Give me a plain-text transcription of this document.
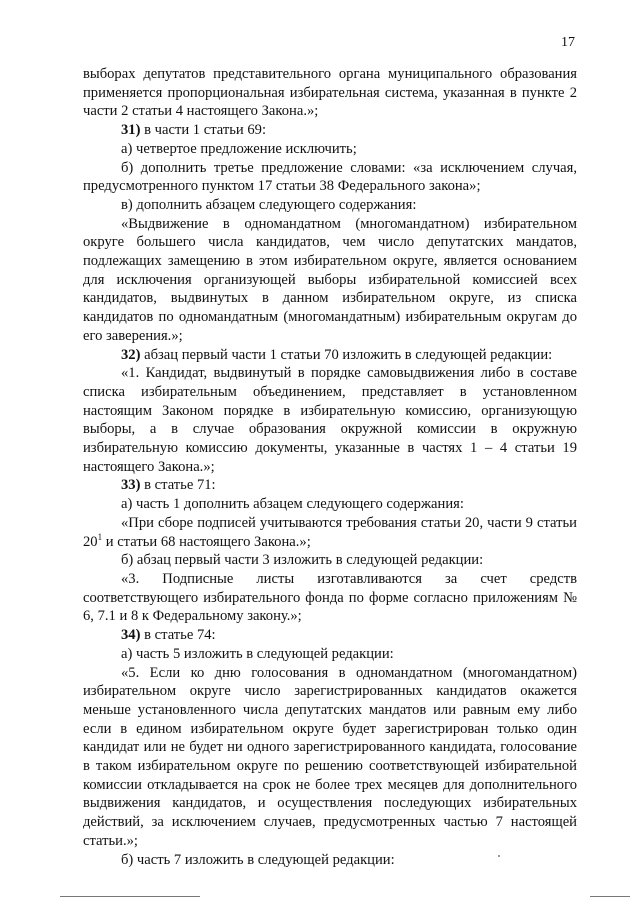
17

выборах депутатов представительного органа муниципального образования применяется пропорциональная избирательная система, указанная в пункте 2 части 2 статьи 4 настоящего Закона.»;

31) в части 1 статьи 69:

а) четвертое предложение исключить;

б) дополнить третье предложение словами: «за исключением случая, предусмотренного пунктом 17 статьи 38 Федерального закона»;

в) дополнить абзацем следующего содержания:

«Выдвижение в одномандатном (многомандатном) избирательном округе большего числа кандидатов, чем число депутатских мандатов, подлежащих замещению в этом избирательном округе, является основанием для исключения организующей выборы избирательной комиссией всех кандидатов, выдвинутых в данном избирательном округе, из списка кандидатов по одномандатным (многомандатным) избирательным округам до его заверения.»;

32) абзац первый части 1 статьи 70 изложить в следующей редакции:

«1. Кандидат, выдвинутый в порядке самовыдвижения либо в составе списка избирательным объединением, представляет в установленном настоящим Законом порядке в избирательную комиссию, организующую выборы, а в случае образования окружной комиссии в окружную избирательную комиссию документы, указанные в частях 1 – 4 статьи 19 настоящего Закона.»;

33) в статье 71:

а) часть 1 дополнить абзацем следующего содержания:

«При сборе подписей учитываются требования статьи 20, части 9 статьи $20^1$ и статьи 68 настоящего Закона.»;

б) абзац первый части 3 изложить в следующей редакции:

«3. Подписные листы изготавливаются за счет средств соответствующего избирательного фонда по форме согласно приложениям № 6, 7.1 и 8 к Федеральному закону.»;

34) в статье 74:

а) часть 5 изложить в следующей редакции:

«5. Если ко дню голосования в одномандатном (многомандатном) избирательном округе число зарегистрированных кандидатов окажется меньше установленного числа депутатских мандатов или равным ему либо если в едином избирательном округе будет зарегистрирован только один кандидат или не будет ни одного зарегистрированного кандидата, голосование в таком избирательном округе по решению соответствующей избирательной комиссии откладывается на срок не более трех месяцев для дополнительного выдвижения кандидатов, и осуществления последующих избирательных действий, за исключением случаев, предусмотренных частью 7 настоящей статьи.»;

б) часть 7 изложить в следующей редакции:
